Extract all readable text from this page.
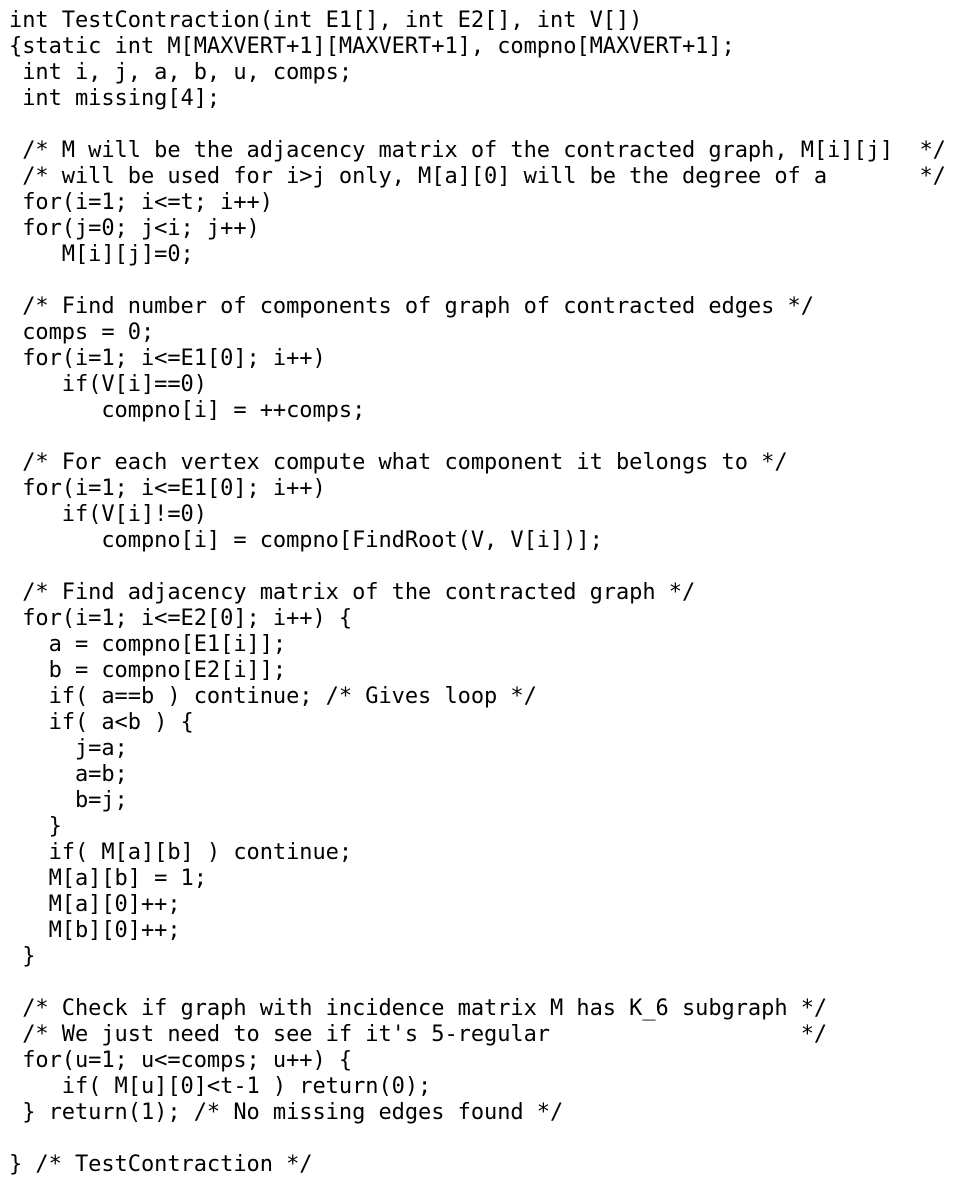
int TestContraction(int E1[], int E2[], int V[])
{static int M[MAXVERT+1][MAXVERT+1], compno[MAXVERT+1];
int i, j, a, b, u, comps;
int missing[4];
/* M will be the adjacency matrix of the contracted graph, M[i][j]  */
/* will be used for i>j only, M[a][0] will be the degree of a       */
for(i=1; i<=t; i++)
for(j=0; j<i; j++)
M[i][j]=0;
/* Find number of components of graph of contracted edges */
comps = 0;
for(i=1; i<=E1[0]; i++)
if(V[i]==0)
compno[i] = ++comps;
/* For each vertex compute what component it belongs to */
for(i=1; i<=E1[0]; i++)
if(V[i]!=0)
compno[i] = compno[FindRoot(V, V[i])];
/* Find adjacency matrix of the contracted graph */
for(i=1; i<=E2[0]; i++) {
a = compno[E1[i]];
b = compno[E2[i]];
if( a==b ) continue; /* Gives loop */
if( a<b ) {
j=a;
a=b;
b=j;
}
if( M[a][b] ) continue;
M[a][b] = 1;
M[a][0]++;
M[b][0]++;
}
/* Check if graph with incidence matrix M has K_6 subgraph */
/* We just need to see if it's 5-regular                   */
for(u=1; u<=comps; u++) {
if( M[u][0]<t-1 ) return(0);
} return(1); /* No missing edges found */
} /* TestContraction */
